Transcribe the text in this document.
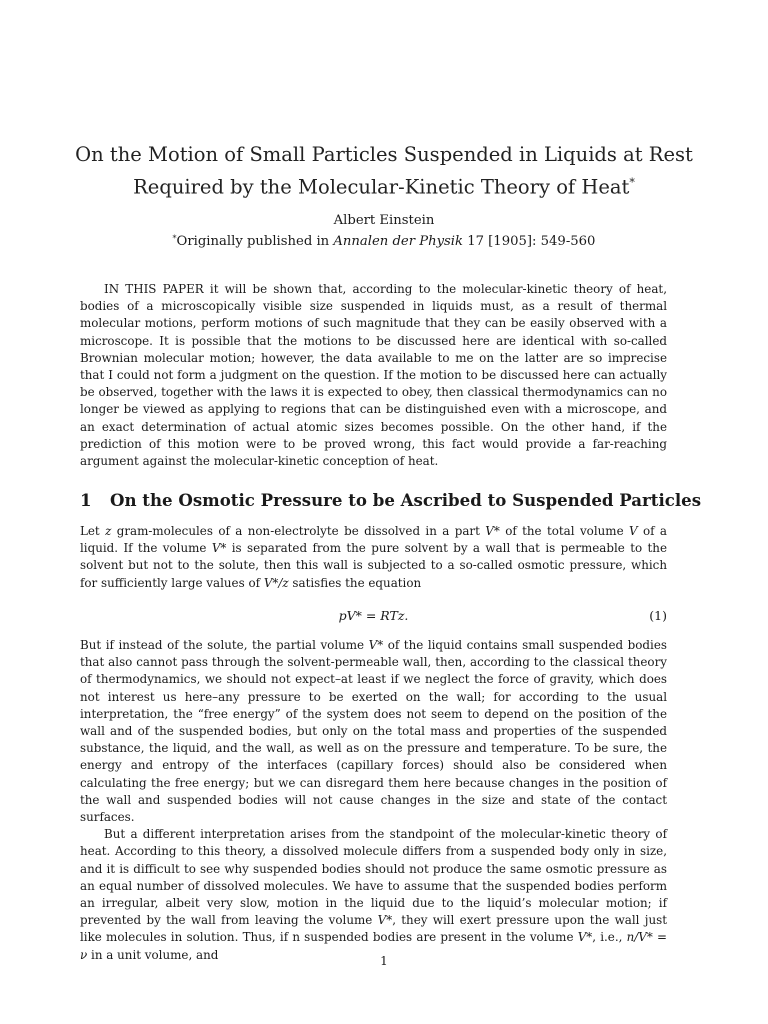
On the Motion of Small Particles Suspended in Liquids at Rest
Required by the Molecular-Kinetic Theory of Heat*
Albert Einstein
*Originally published in Annalen der Physik 17 [1905]: 549-560

IN THIS PAPER it will be shown that, according to the molecular-kinetic theory of heat, bodies of a microscopically visible size suspended in liquids must, as a result of thermal molecular motions, perform motions of such magnitude that they can be easily observed with a microscope. It is possible that the motions to be discussed here are identical with so-called Brownian molecular motion; however, the data available to me on the latter are so imprecise that I could not form a judgment on the question. If the motion to be discussed here can actually be observed, together with the laws it is expected to obey, then classical thermodynamics can no longer be viewed as applying to regions that can be distinguished even with a microscope, and an exact determination of actual atomic sizes becomes possible. On the other hand, if the prediction of this motion were to be proved wrong, this fact would provide a far-reaching argument against the molecular-kinetic conception of heat.

1 On the Osmotic Pressure to be Ascribed to Suspended Particles

Let z gram-molecules of a non-electrolyte be dissolved in a part V* of the total volume V of a liquid. If the volume V* is separated from the pure solvent by a wall that is permeable to the solvent but not to the solute, then this wall is subjected to a so-called osmotic pressure, which for sufficiently large values of V*/z satisfies the equation

pV* = RTz.	(1)

But if instead of the solute, the partial volume V* of the liquid contains small suspended bodies that also cannot pass through the solvent-permeable wall, then, according to the classical theory of thermodynamics, we should not expect–at least if we neglect the force of gravity, which does not interest us here–any pressure to be exerted on the wall; for according to the usual interpretation, the “free energy” of the system does not seem to depend on the position of the wall and of the suspended bodies, but only on the total mass and properties of the suspended substance, the liquid, and the wall, as well as on the pressure and temperature. To be sure, the energy and entropy of the interfaces (capillary forces) should also be considered when calculating the free energy; but we can disregard them here because changes in the position of the wall and suspended bodies will not cause changes in the size and state of the contact surfaces.

But a different interpretation arises from the standpoint of the molecular-kinetic theory of heat. According to this theory, a dissolved molecule differs from a suspended body only in size, and it is difficult to see why suspended bodies should not produce the same osmotic pressure as an equal number of dissolved molecules. We have to assume that the suspended bodies perform an irregular, albeit very slow, motion in the liquid due to the liquid’s molecular motion; if prevented by the wall from leaving the volume V*, they will exert pressure upon the wall just like molecules in solution. Thus, if n suspended bodies are present in the volume V*, i.e., n/V* = ν in a unit volume, and	1
